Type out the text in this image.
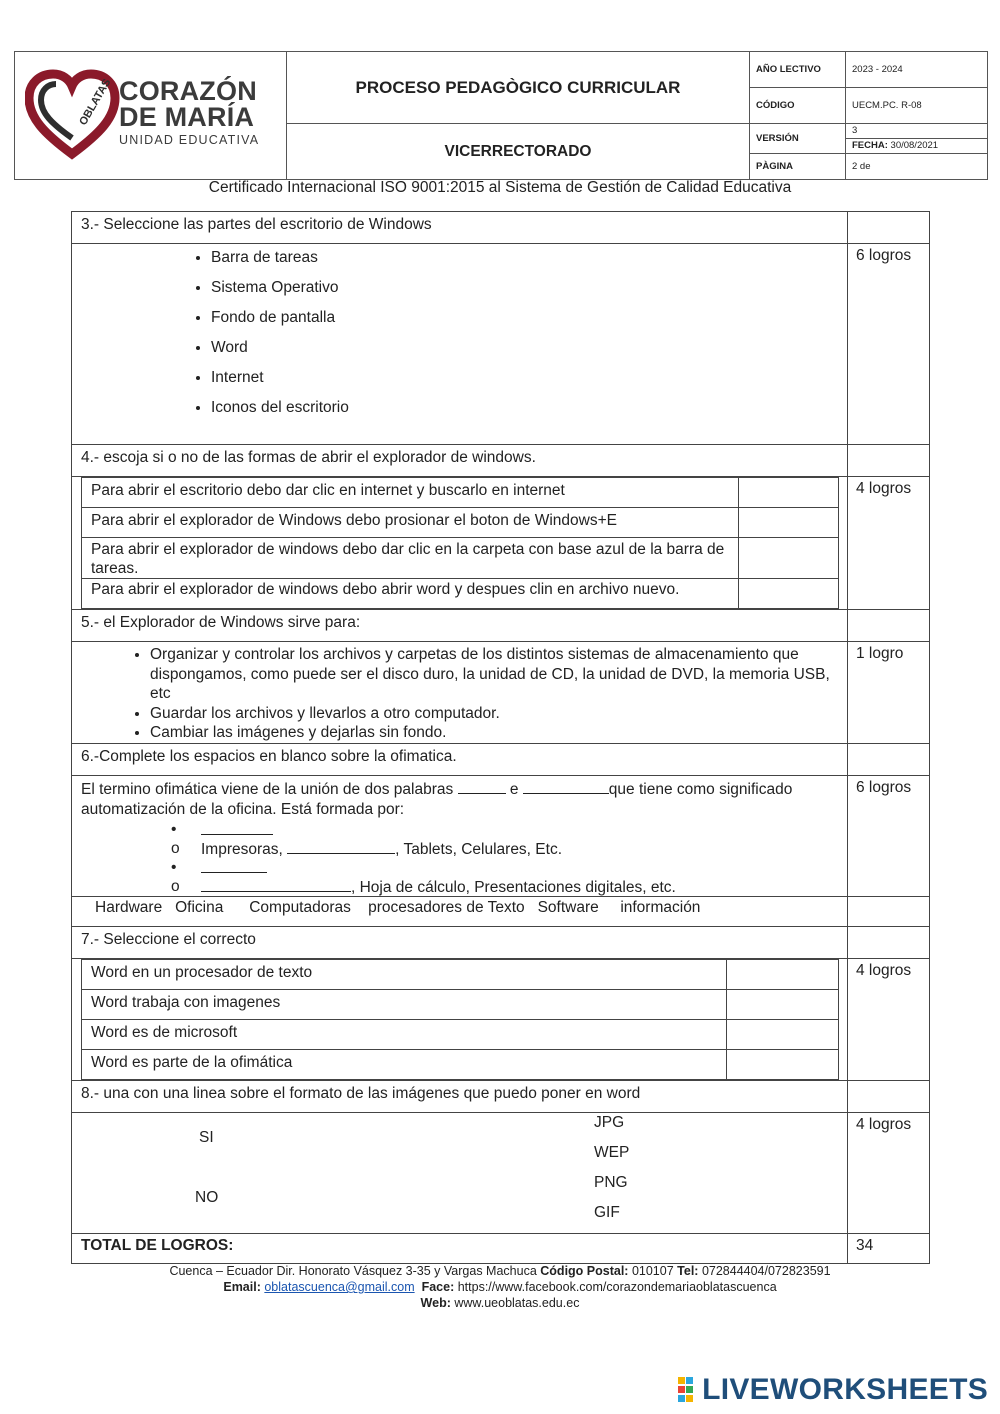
OBLATAS CORAZÓN
DE MARÍA
UNIDAD EDUCATIVA	PROCESO PEDAGÒGICO CURRICULAR	AÑO LECTIVO	2023 - 2024
		CÓDIGO	UECM.PC. R-08
	VICERRECTORADO	VERSIÓN	3
FECHA: 30/08/2021

		PÀGINA	2 de
Certificado Internacional ISO 9001:2015 al Sistema de Gestión de Calidad Educativa
3.- Seleccione las partes del escritorio de Windows	

• Barra de tareas
• Sistema Operativo
• Fondo de pantalla
• Word
• Internet
• Iconos del escritorio
	6 logros
4.- escoja si o no de las formas de abrir el explorador de windows.	

Para abrir el escritorio debo dar clic en internet y buscarlo en internet	
Para abrir el explorador de Windows debo prosionar el boton de Windows+E	
Para abrir el explorador de windows debo dar clic en la carpeta con base azul de la barra de tareas.	
Para abrir el explorador de windows debo abrir word y despues clin en archivo nuevo.	
	4 logros
5.- el Explorador de Windows sirve para:	

• Organizar y controlar los archivos y carpetas de los distintos sistemas de almacenamiento que dispongamos, como puede ser el disco duro, la unidad de CD, la unidad de DVD, la memoria USB, etc
• Guardar los archivos y llevarlos a otro computador.
• Cambiar las imágenes y dejarlas sin fondo.
	1 logro
6.-Complete los espacios en blanco sobre la ofimatica.	

El termino ofimática viene de la unión de dos palabras	e	que tiene como significado automatización de la oficina. Está formada por:
•
o Impresoras,	, Tablets, Celulares, Etc.
•
o	, Hoja de cálculo, Presentaciones digitales, etc.
	6 logros
Hardware Oficina Computadoras procesadores de Texto Software información	
7.- Seleccione el correcto	

Word en un procesador de texto	
Word trabaja con imagenes	
Word es de microsoft	
Word es parte de la ofimática	
	4 logros
8.- una con una linea sobre el formato de las imágenes que puedo poner en word	

SI
NO
JPG
WEP
PNG
GIF
	4 logros
TOTAL DE LOGROS:	34
Cuenca – Ecuador Dir. Honorato Vásquez 3-35 y Vargas Machuca Código Postal: 010107 Tel: 072844404/072823591
Email: oblatascuenca@gmail.com Face: https://www.facebook.com/corazondemariaoblatascuenca
Web: www.ueoblatas.edu.ec
LIVEWORKSHEETS
